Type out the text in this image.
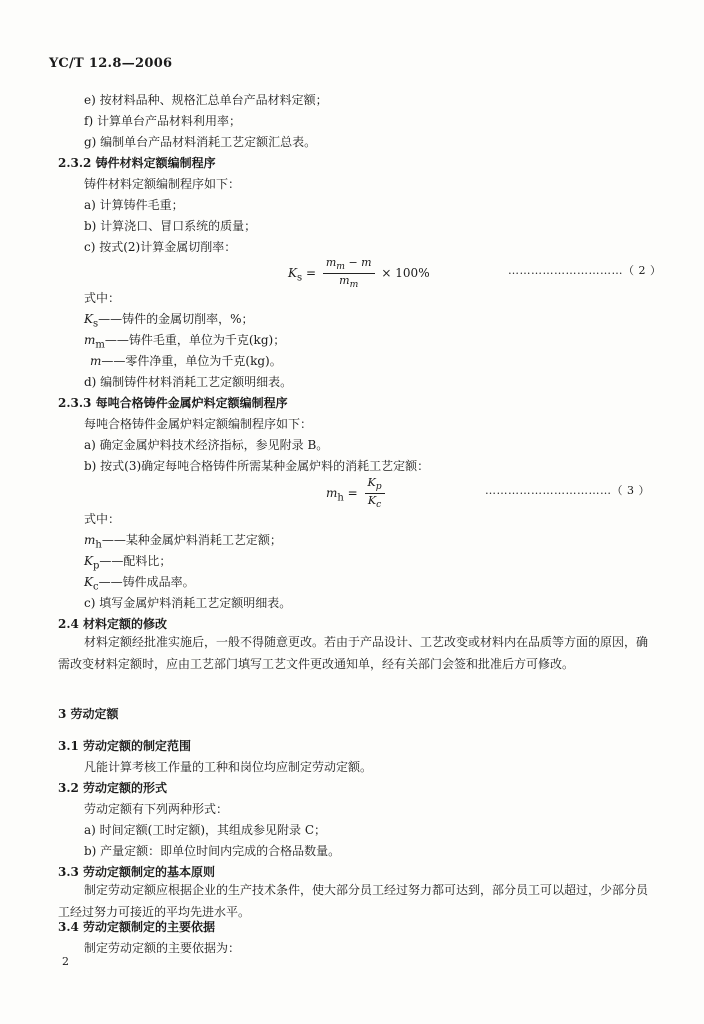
YC/T 12.8—2006
e) 按材料品种、规格汇总单台产品材料定额；
f) 计算单台产品材料利用率；
g) 编制单台产品材料消耗工艺定额汇总表。
2.3.2 铸件材料定额编制程序
铸件材料定额编制程序如下：
a) 计算铸件毛重；
b) 计算浇口、冒口系统的质量；
c) 按式(2)计算金属切削率：
$K_s = \frac{m_m - m}{m_m} \times 100\%$	…………………………（ 2 ）
式中：
$K_s——$铸件的金属切削率，%；
$m_m——$铸件毛重，单位为千克(kg)；
m——零件净重，单位为千克(kg)。
d) 编制铸件材料消耗工艺定额明细表。
2.3.3 每吨合格铸件金属炉料定额编制程序
每吨合格铸件金属炉料定额编制程序如下：
a) 确定金属炉料技术经济指标，参见附录 B。
b) 按式(3)确定每吨合格铸件所需某种金属炉料的消耗工艺定额：
$m_h = \frac{K_p}{K_c}$	……………………………（ 3 ）
式中：
$m_h——$某种金属炉料消耗工艺定额；
$K_p——$配料比；
$K_c——$铸件成品率。
c) 填写金属炉料消耗工艺定额明细表。
2.4 材料定额的修改
材料定额经批准实施后，一般不得随意更改。若由于产品设计、工艺改变或材料内在品质等方面的原因，确需改变材料定额时，应由工艺部门填写工艺文件更改通知单，经有关部门会签和批准后方可修改。
3 劳动定额
3.1 劳动定额的制定范围
凡能计算考核工作量的工种和岗位均应制定劳动定额。
3.2 劳动定额的形式
劳动定额有下列两种形式：
a) 时间定额(工时定额)，其组成参见附录 C；
b) 产量定额：即单位时间内完成的合格品数量。
3.3 劳动定额制定的基本原则
制定劳动定额应根据企业的生产技术条件，使大部分员工经过努力都可达到，部分员工可以超过，少部分员工经过努力可接近的平均先进水平。
3.4 劳动定额制定的主要依据
制定劳动定额的主要依据为：
2
